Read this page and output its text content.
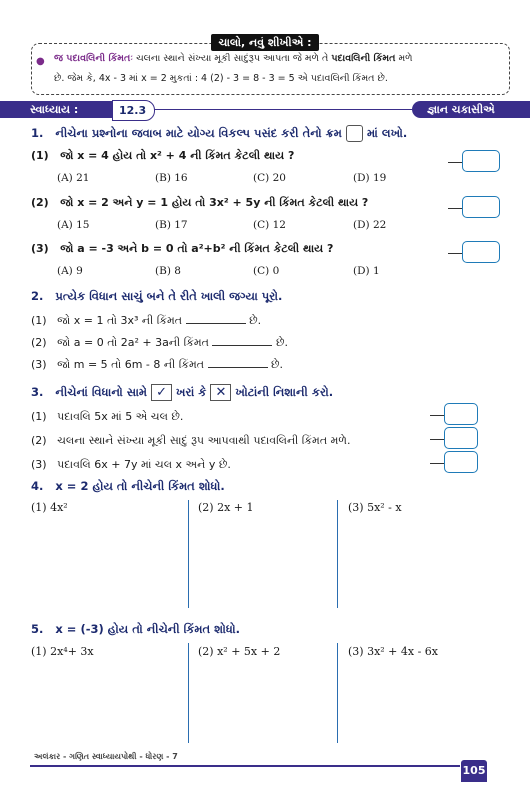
● જ પદાવલિની કિંમતઃ ચલના સ્થાને સંખ્યા મૂકી સાદુંરૂપ આપતા જે મળે તે પદાવલિની કિંમત મળે
છે. જેમ કે, 4x - 3 માં x = 2 મુકતાં : 4 (2) - 3 = 8 - 3 = 5 એ પદાવલિની કિંમત છે.
ચાલો, નવું શીખીએ :
સ્વાધ્યાય :	12.3	જ્ઞાન ચકાસીએ
1. નીચેના પ્રશ્નોના જવાબ માટે યોગ્ય વિકલ્પ પસંદ કરી તેનો ક્રમ માં લખો.
(1) જો x = 4 હોય તો x² + 4 ની કિંમત કેટલી થાય ?
(A) 21	(B) 16	(C) 20	(D) 19
(2) જો x = 2 અને y = 1 હોય તો 3x² + 5y ની કિંમત કેટલી થાય ?
(A) 15	(B) 17	(C) 12	(D) 22
(3) જો a = -3 અને b = 0 તો a²+b² ની કિંમત કેટલી થાય ?
(A) 9	(B) 8	(C) 0	(D) 1
2. પ્રત્યેક વિધાન સાચું બને તે રીતે ખાલી જગ્યા પૂરો.
(1) જો x = 1 તો 3x³ ની કિંમત	છે.
(2) જો a = 0 તો 2a² + 3aની કિંમત	છે.
(3) જો m = 5 તો 6m - 8 ની કિંમત	છે.
3. નીચેનાં વિધાનો સામે ✓ ખરાં કે ✕ ખોટાંની નિશાની કરો.
(1) પદાવલિ 5x માં 5 એ ચલ છે.
(2) ચલના સ્થાને સંખ્યા મૂકી સાદું રૂપ આપવાથી પદાવલિની કિંમત મળે.
(3) પદાવલિ 6x + 7y માં ચલ x અને y છે.
4. x = 2 હોય તો નીચેની કિંમત શોધો.
(1) 4x²	(2) 2x + 1	(3) 5x² - x
5. x = (-3) હોય તો નીચેની કિંમત શોધો.
(1) 2x⁴+ 3x	(2) x² + 5x + 2	(3) 3x² + 4x - 6x
અલંકાર - ગણિત સ્વાધ્યાયપોથી - ધોરણ - 7
105
